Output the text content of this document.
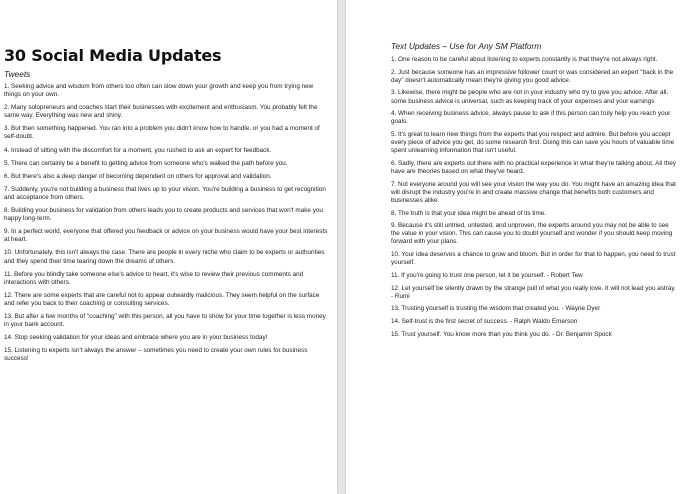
30 Social Media Updates
Tweets

1. Seeking advice and wisdom from others too often can slow down your growth and keep you from trying new things on your own.

2. Many solopreneurs and coaches start their businesses with excitement and enthusiasm. You probably felt the same way. Everything was new and shiny.

3. But then something happened. You ran into a problem you didn't know how to handle, or you had a moment of self-doubt.

4. Instead of sitting with the discomfort for a moment, you rushed to ask an expert for feedback.

5. There can certainly be a benefit to getting advice from someone who's walked the path before you.

6. But there's also a deep danger of becoming dependent on others for approval and validation.

7. Suddenly, you're not building a business that lives up to your vision. You're building a business to get recognition and acceptance from others.

8. Building your business for validation from others leads you to create products and services that won't make you happy long-term.

9. In a perfect world, everyone that offered you feedback or advice on your business would have your best interests at heart.

10. Unfortunately, this isn't always the case. There are people in every niche who claim to be experts or authorities and they spend their time tearing down the dreams of others.

11. Before you blindly take someone else's advice to heart, it's wise to review their previous comments and interactions with others.

12. There are some experts that are careful not to appear outwardly malicious. They seem helpful on the surface and refer you back to their coaching or consulting services.

13. But after a few months of "coaching" with this person, all you have to show for your time together is less money in your bank account.

14. Stop seeking validation for your ideas and embrace where you are in your business today!

15. Listening to experts isn't always the answer – sometimes you need to create your own rules for business success!

Text Updates – Use for Any SM Platform

1. One reason to be careful about listening to experts constantly is that they're not always right.

2. Just because someone has an impressive follower count or was considered an expert "back in the day" doesn't automatically mean they're giving you good advice.

3. Likewise, there might be people who are not in your industry who try to give you advice. After all, some business advice is universal, such as keeping track of your expenses and your earnings

4. When receiving business advice, always pause to ask if this person can truly help you reach your goals.

5. It's great to learn new things from the experts that you respect and admire. But before you accept every piece of advice you get, do some research first. Doing this can save you hours of valuable time spent unlearning information that isn't useful.

6. Sadly, there are experts out there with no practical experience in what they're talking about. All they have are theories based on what they've heard.

7. Not everyone around you will see your vision the way you do. You might have an amazing idea that will disrupt the industry you're in and create massive change that benefits both customers and businesses alike.

8. The truth is that your idea might be ahead of its time.

9. Because it's still untried, untested, and unproven, the experts around you may not be able to see the value in your vision. This can cause you to doubt yourself and wonder if you should keep moving forward with your plans.

10. Your idea deserves a chance to grow and bloom. But in order for that to happen, you need to trust yourself.

11. If you're going to trust one person, let it be yourself. - Robert Tew

12. Let yourself be silently drawn by the strange pull of what you really love. It will not lead you astray. - Rumi

13. Trusting yourself is trusting the wisdom that created you. - Wayne Dyer

14. Self-trust is the first secret of success. - Ralph Waldo Emerson

15. Trust yourself. You know more than you think you do. - Dr. Benjamin Spock
